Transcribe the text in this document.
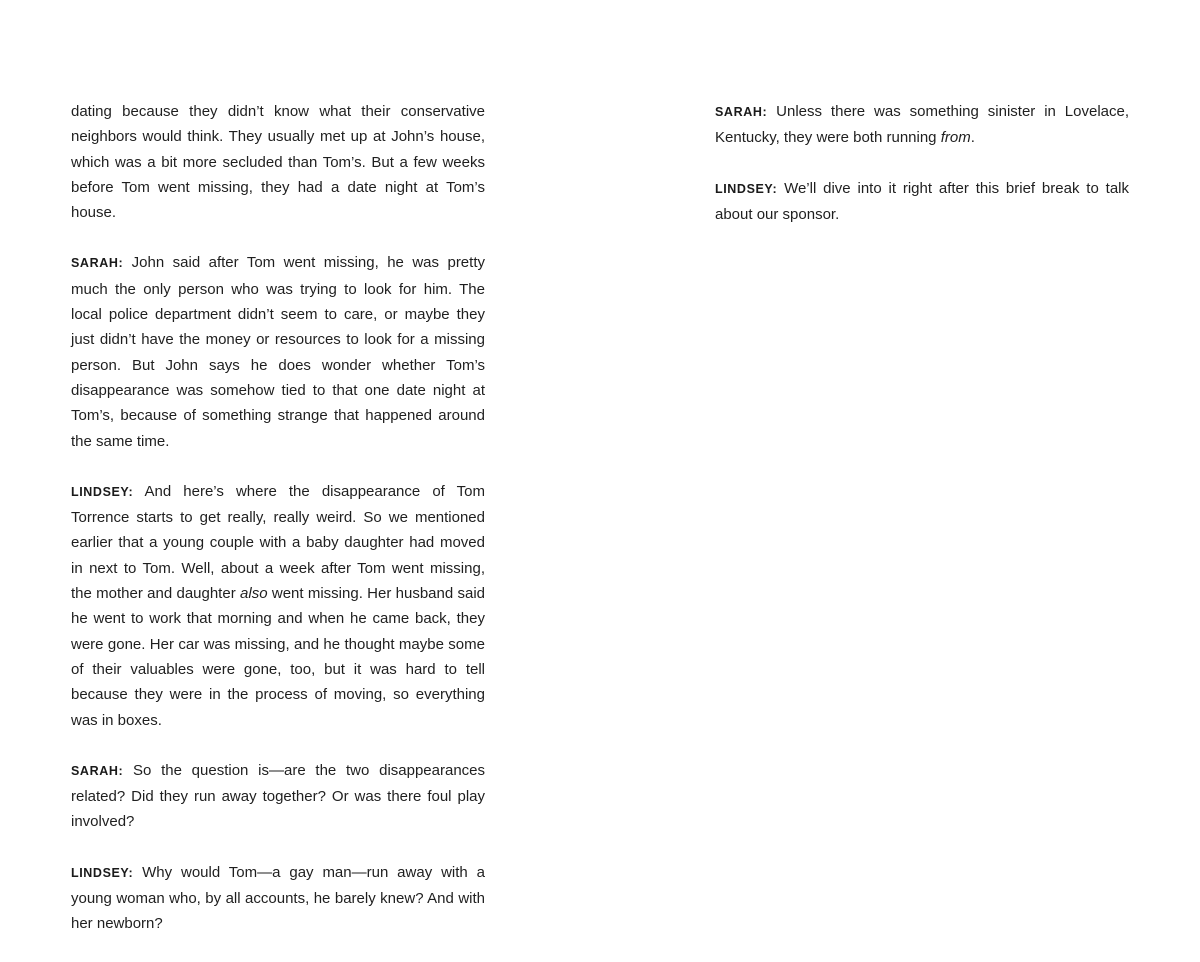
dating because they didn’t know what their conservative neighbors would think. They usually met up at John’s house, which was a bit more secluded than Tom’s. But a few weeks before Tom went missing, they had a date night at Tom’s house.

SARAH: John said after Tom went missing, he was pretty much the only person who was trying to look for him. The local police department didn’t seem to care, or maybe they just didn’t have the money or resources to look for a missing person. But John says he does wonder whether Tom’s disappearance was somehow tied to that one date night at Tom’s, because of something strange that happened around the same time.

LINDSEY: And here’s where the disappearance of Tom Torrence starts to get really, really weird. So we mentioned earlier that a young couple with a baby daughter had moved in next to Tom. Well, about a week after Tom went missing, the mother and daughter also went missing. Her husband said he went to work that morning and when he came back, they were gone. Her car was missing, and he thought maybe some of their valuables were gone, too, but it was hard to tell because they were in the process of moving, so everything was in boxes.

SARAH: So the question is—are the two disappearances related? Did they run away together? Or was there foul play involved?

LINDSEY: Why would Tom—a gay man—run away with a young woman who, by all accounts, he barely knew? And with her newborn?

SARAH: Unless there was something sinister in Lovelace, Kentucky, they were both running from.

LINDSEY: We’ll dive into it right after this brief break to talk about our sponsor.
